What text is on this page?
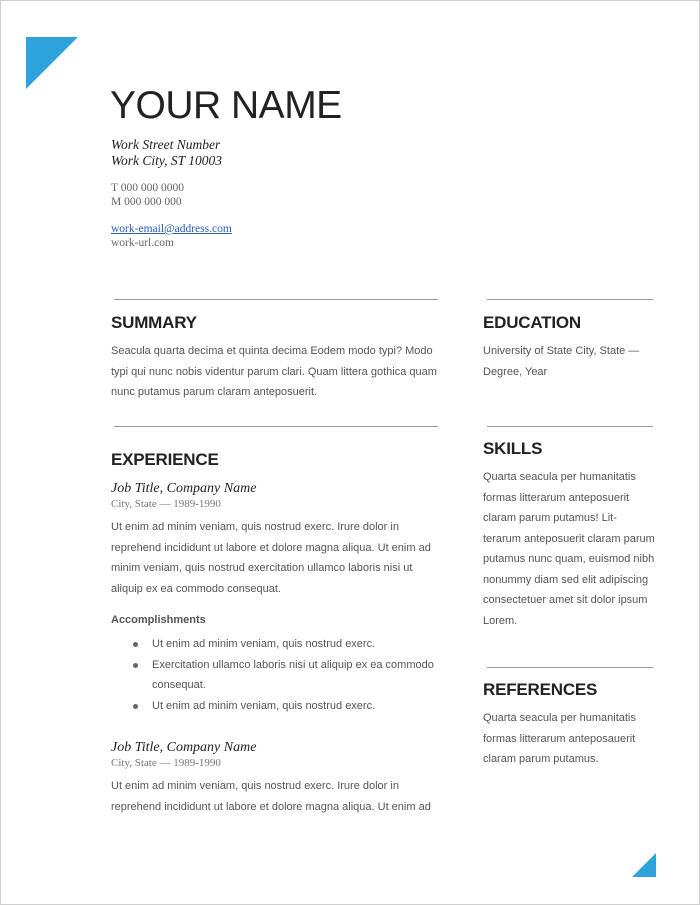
YOUR NAME
Work Street Number
Work City, ST 10003
T 000 000 0000
M 000 000 000
work-email@address.com
work-url.com
SUMMARY
Seacula quarta decima et quinta decima Eodem modo typi? Modo
typi qui nunc nobis videntur parum clari. Quam littera gothica quam
nunc putamus parum claram anteposuerit.
EXPERIENCE
Job Title, Company Name
City, State — 1989-1990
Ut enim ad minim veniam, quis nostrud exerc. Irure dolor in
reprehend incididunt ut labore et dolore magna aliqua. Ut enim ad
minim veniam, quis nostrud exercitation ullamco laboris nisi ut
aliquip ex ea commodo consequat.
Accomplishments
Ut enim ad minim veniam, quis nostrud exerc.
Exercitation ullamco laboris nisi ut aliquip ex ea commodo
consequat.
Ut enim ad minim veniam, quis nostrud exerc.
Job Title, Company Name
City, State — 1989-1990
Ut enim ad minim veniam, quis nostrud exerc. Irure dolor in
reprehend incididunt ut labore et dolore magna aliqua. Ut enim ad
EDUCATION
University of State City, State —
Degree, Year
SKILLS
Quarta seacula per humanitatis
formas litterarum anteposuerit
claram parum putamus! Lit-
terarum anteposuerit claram parum
putamus nunc quam, euismod nibh
nonummy diam sed elit adipiscing
consectetuer amet sit dolor ipsum
Lorem.
REFERENCES
Quarta seacula per humanitatis
formas litterarum anteposauerit
claram parum putamus.
